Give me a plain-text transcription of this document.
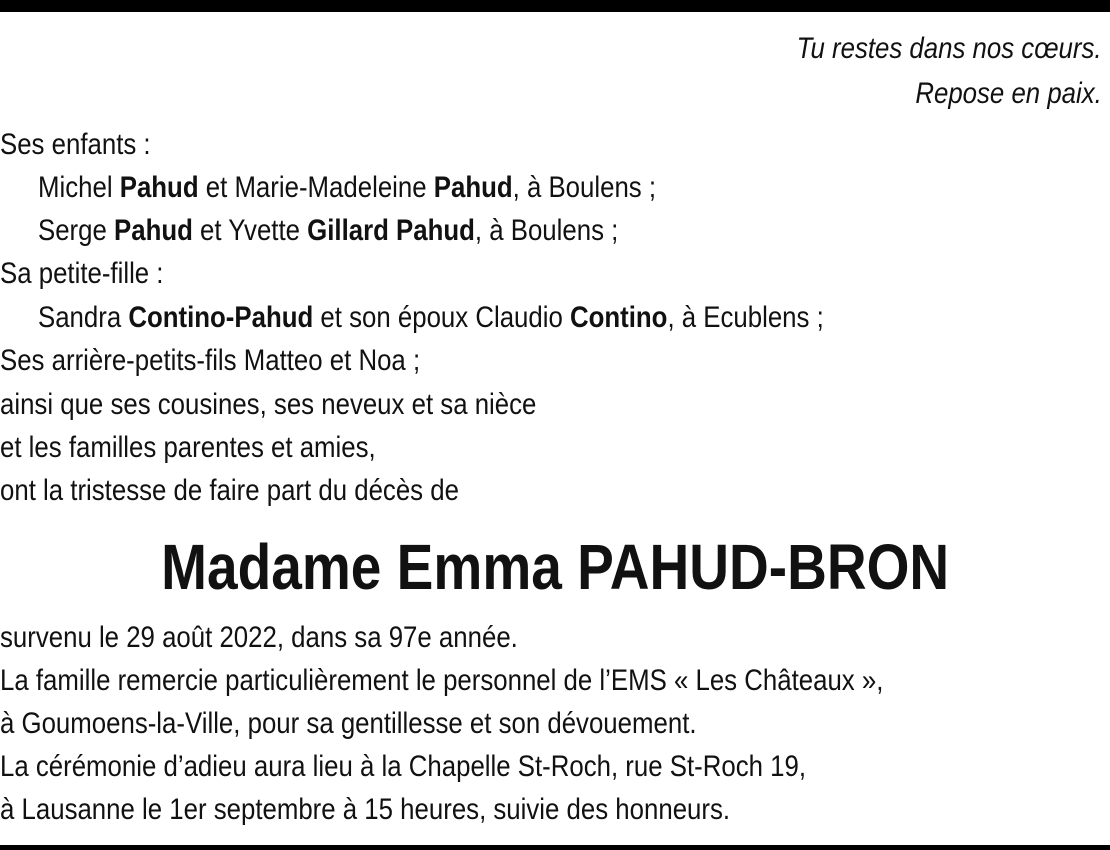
Tu restes dans nos cœurs.
Repose en paix.
Ses enfants :
Michel Pahud et Marie-Madeleine Pahud, à Boulens ;
Serge Pahud et Yvette Gillard Pahud, à Boulens ;
Sa petite-fille :
Sandra Contino-Pahud et son époux Claudio Contino, à Ecublens ;
Ses arrière-petits-fils Matteo et Noa ;
ainsi que ses cousines, ses neveux et sa nièce
et les familles parentes et amies,
ont la tristesse de faire part du décès de
Madame Emma PAHUD-BRON
survenu le 29 août 2022, dans sa 97e année.
La famille remercie particulièrement le personnel de l’EMS « Les Châteaux »,
à Goumoens-la-Ville, pour sa gentillesse et son dévouement.
La cérémonie d’adieu aura lieu à la Chapelle St-Roch, rue St-Roch 19,
à Lausanne le 1er septembre à 15 heures, suivie des honneurs.
